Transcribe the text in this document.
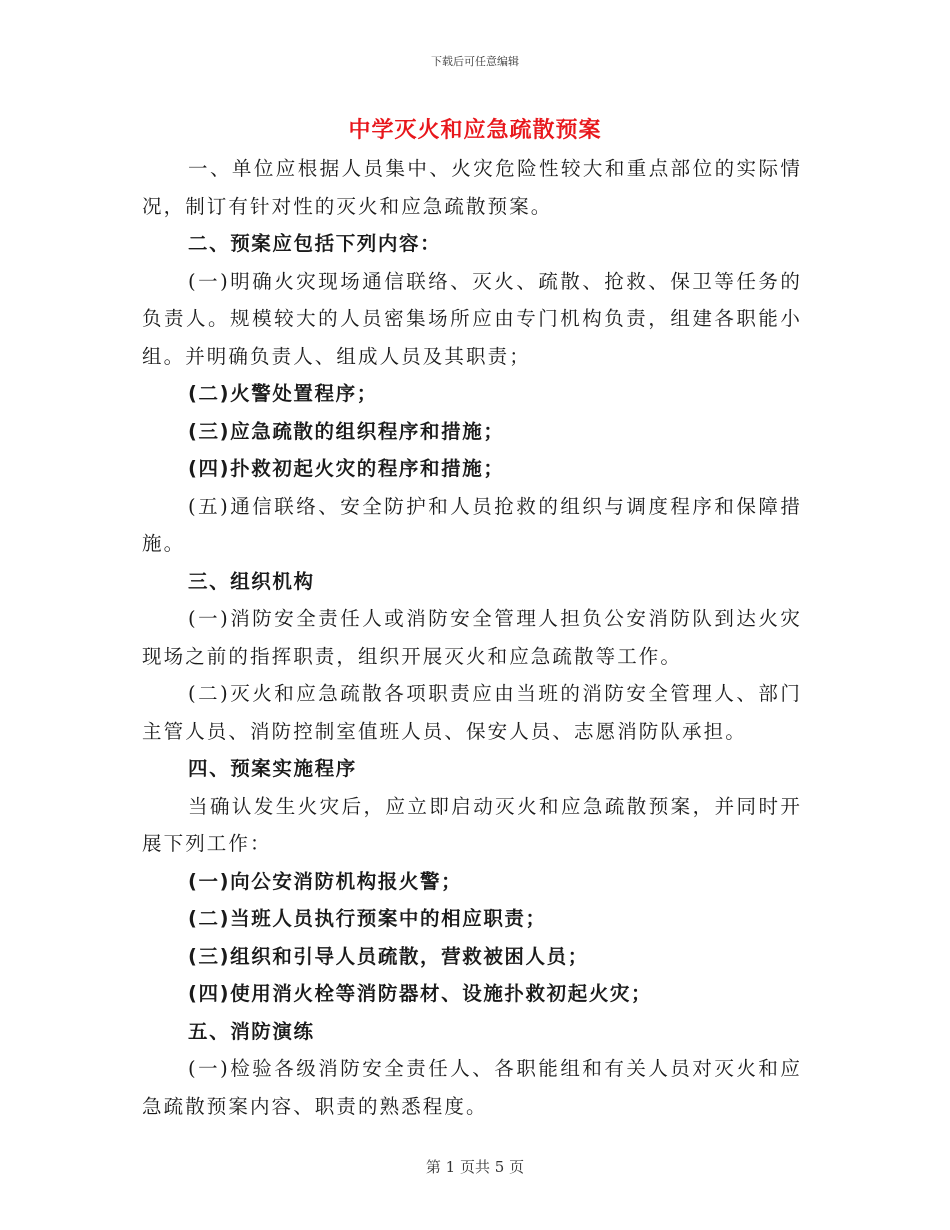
下载后可任意编辑
中学灭火和应急疏散预案

一、单位应根据人员集中、火灾危险性较大和重点部位的实际情况，制订有针对性的灭火和应急疏散预案。

二、预案应包括下列内容：

(一)明确火灾现场通信联络、灭火、疏散、抢救、保卫等任务的负责人。规模较大的人员密集场所应由专门机构负责，组建各职能小组。并明确负责人、组成人员及其职责；

(二)火警处置程序；

(三)应急疏散的组织程序和措施；

(四)扑救初起火灾的程序和措施；

(五)通信联络、安全防护和人员抢救的组织与调度程序和保障措施。

三、组织机构

(一)消防安全责任人或消防安全管理人担负公安消防队到达火灾现场之前的指挥职责，组织开展灭火和应急疏散等工作。

(二)灭火和应急疏散各项职责应由当班的消防安全管理人、部门主管人员、消防控制室值班人员、保安人员、志愿消防队承担。

四、预案实施程序

当确认发生火灾后，应立即启动灭火和应急疏散预案，并同时开展下列工作：

(一)向公安消防机构报火警；

(二)当班人员执行预案中的相应职责；

(三)组织和引导人员疏散，营救被困人员；

(四)使用消火栓等消防器材、设施扑救初起火灾；

五、消防演练

(一)检验各级消防安全责任人、各职能组和有关人员对灭火和应急疏散预案内容、职责的熟悉程度。

第 1 页共 5 页
